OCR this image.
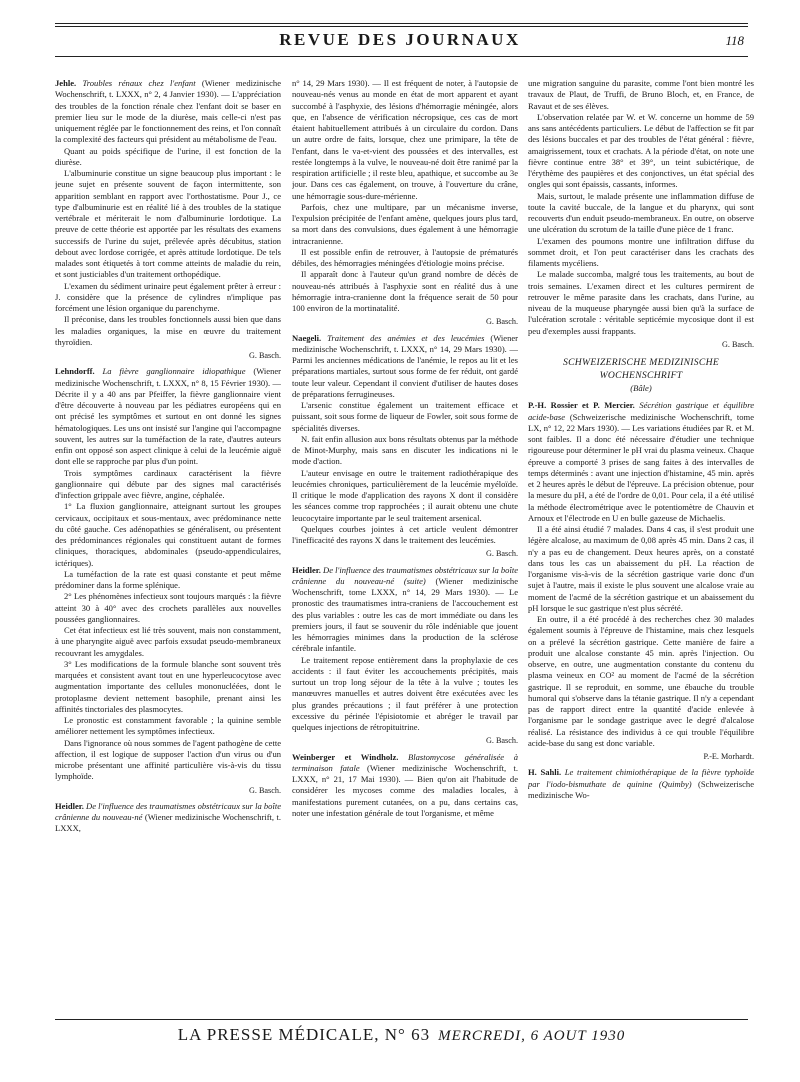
REVUE DES JOURNAUX	118

Jehle. Troubles rénaux chez l'enfant (Wiener medizinische Wochenschrift, t. LXXX, n° 2, 4 Janvier 1930). — L'appréciation des troubles de la fonction rénale chez l'enfant doit se baser en premier lieu sur le mode de la diurèse, mais celle-ci n'est pas uniquement réglée par le fonctionnement des reins, et l'on connaît la complexité des facteurs qui président au métabolisme de l'eau.

Quant au poids spécifique de l'urine, il est fonction de la diurèse.

L'albuminurie constitue un signe beaucoup plus important : le jeune sujet en présente souvent de façon intermittente, son apparition semblant en rapport avec l'orthostatisme. Pour J., ce type d'albuminurie est en réalité lié à des troubles de la statique vertébrale et mériterait le nom d'albuminurie lordotique. La preuve de cette théorie est apportée par les résultats des examens successifs de l'urine du sujet, prélevée après décubitus, station debout avec lordose corrigée, et après attitude lordotique. De tels malades sont étiquetés à tort comme atteints de maladie du rein, et sont justiciables d'un traitement orthopédique.

L'examen du sédiment urinaire peut également prêter à erreur : J. considère que la présence de cylindres n'implique pas forcément une lésion organique du parenchyme.

Il préconise, dans les troubles fonctionnels aussi bien que dans les maladies organiques, la mise en œuvre du traitement thyroïdien.

G. Basch.

Lehndorff. La fièvre ganglionnaire idiopathique (Wiener medizinische Wochenschrift, t. LXXX, n° 8, 15 Février 1930). — Décrite il y a 40 ans par Pfeiffer, la fièvre ganglionnaire vient d'être découverte à nouveau par les pédiatres européens qui en ont précisé les symptômes et surtout en ont donné les signes hématologiques. Les uns ont insisté sur l'angine qui l'accompagne souvent, les autres sur la tuméfaction de la rate, d'autres auteurs enfin ont opposé son aspect clinique à celui de la leucémie aiguë dont elle se rapproche par plus d'un point.

Trois symptômes cardinaux caractérisent la fièvre ganglionnaire qui débute par des signes mal caractérisés d'infection grippale avec fièvre, angine, céphalée.

1° La fluxion ganglionnaire, atteignant surtout les groupes cervicaux, occipitaux et sous-mentaux, avec prédominance nette du côté gauche. Ces adénopathies se généralisent, ou présentent des prédominances régionales qui constituent autant de formes cliniques, thoraciques, abdominales (pseudo-appendiculaires, ictériques).

La tuméfaction de la rate est quasi constante et peut même prédominer dans la forme splénique.

2° Les phénomènes infectieux sont toujours marqués : la fièvre atteint 30 à 40° avec des crochets parallèles aux nouvelles poussées ganglionnaires.

Cet état infectieux est lié très souvent, mais non constamment, à une pharyngite aiguë avec parfois exsudat pseudo-membraneux recouvrant les amygdales.

3° Les modifications de la formule blanche sont souvent très marquées et consistent avant tout en une hyperleucocytose avec augmentation importante des cellules mononucléées, dont le protoplasme devient nettement basophile, prenant ainsi les affinités tinctoriales des plasmocytes.

Le pronostic est constamment favorable ; la quinine semble améliorer nettement les symptômes infectieux.

Dans l'ignorance où nous sommes de l'agent pathogène de cette affection, il est logique de supposer l'action d'un virus ou d'un microbe présentant une affinité particulière vis-à-vis du tissu lymphoïde.

G. Basch.

Heidler. De l'influence des traumatismes obstétricaux sur la boîte crânienne du nouveau-né (Wiener medizinische Wochenschrift, t. LXXX,

n° 14, 29 Mars 1930). — Il est fréquent de noter, à l'autopsie de nouveau-nés venus au monde en état de mort apparent et ayant succombé à l'asphyxie, des lésions d'hémorragie méningée, alors que, en l'absence de vérification nécropsique, ces cas de mort étaient habituellement attribués à un circulaire du cordon. Dans un autre ordre de faits, lorsque, chez une primipare, la tête de l'enfant, dans le va-et-vient des poussées et des intervalles, est restée longtemps à la vulve, le nouveau-né doit être ranimé par la respiration artificielle ; il reste bleu, apathique, et succombe au 3e jour. Dans ces cas également, on trouve, à l'ouverture du crâne, une hémorragie sous-dure-mérienne.

Parfois, chez une multipare, par un mécanisme inverse, l'expulsion précipitée de l'enfant amène, quelques jours plus tard, sa mort dans des convulsions, dues également à une hémorragie intracranienne.

Il est possible enfin de retrouver, à l'autopsie de prématurés débiles, des hémorragies méningées d'étiologie moins précise.

Il apparaît donc à l'auteur qu'un grand nombre de décès de nouveau-nés attribués à l'asphyxie sont en réalité dus à une hémorragie intra-cranienne dont la fréquence serait de 50 pour 100 environ de la mortinatalité.

G. Basch.

Naegeli. Traitement des anémies et des leucémies (Wiener medizinische Wochenschrift, t. LXXX, n° 14, 29 Mars 1930). — Parmi les anciennes médications de l'anémie, le repos au lit et les préparations martiales, surtout sous forme de fer réduit, ont gardé toute leur valeur. Cependant il convient d'utiliser de hautes doses de préparations ferrugineuses.

L'arsenic constitue également un traitement efficace et puissant, soit sous forme de liqueur de Fowler, soit sous forme de spécialités diverses.

N. fait enfin allusion aux bons résultats obtenus par la méthode de Minot-Murphy, mais sans en discuter les indications ni le mode d'action.

L'auteur envisage en outre le traitement radiothérapique des leucémies chroniques, particulièrement de la leucémie myéloïde. Il critique le mode d'application des rayons X dont il considère les séances comme trop rapprochées ; il aurait obtenu une chute leucocytaire importante par le seul traitement arsenical.

Quelques courbes jointes à cet article veulent démontrer l'inefficacité des rayons X dans le traitement des leucémies.

G. Basch.

Heidler. De l'influence des traumatismes obstétricaux sur la boîte crânienne du nouveau-né (suite) (Wiener medizinische Wochenschrift, tome LXXX, n° 14, 29 Mars 1930). — Le pronostic des traumatismes intra-craniens de l'accouchement est des plus variables : outre les cas de mort immédiate ou dans les premiers jours, il faut se souvenir du rôle indéniable que jouent les hémorragies minimes dans la production de la sclérose cérébrale infantile.

Le traitement repose entièrement dans la prophylaxie de ces accidents : il faut éviter les accouchements précipités, mais surtout un trop long séjour de la tête à la vulve ; toutes les manœuvres manuelles et autres doivent être exécutées avec les plus grandes précautions ; il faut préférer à une protection excessive du périnée l'épisiotomie et abréger le travail par quelques injections de rétropituitrine.

G. Basch.

Weinberger et Windholz. Blastomycose généralisée à terminaison fatale (Wiener medizinische Wochenschrift, t. LXXX, n° 21, 17 Mai 1930). — Bien qu'on ait l'habitude de considérer les mycoses comme des maladies locales, à manifestations purement cutanées, on a pu, dans certains cas, noter une infestation générale de tout l'organisme, et même

une migration sanguine du parasite, comme l'ont bien montré les travaux de Plaut, de Truffi, de Bruno Bloch, et, en France, de Ravaut et de ses élèves.

L'observation relatée par W. et W. concerne un homme de 59 ans sans antécédents particuliers. Le début de l'affection se fit par des lésions buccales et par des troubles de l'état général : fièvre, amaigrissement, toux et crachats. A la période d'état, on note une fièvre continue entre 38° et 39°, un teint subictérique, de l'érythème des paupières et des conjonctives, un état spécial des ongles qui sont épaissis, cassants, informes.

Mais, surtout, le malade présente une inflammation diffuse de toute la cavité buccale, de la langue et du pharynx, qui sont recouverts d'un enduit pseudo-membraneux. En outre, on observe une ulcération du scrotum de la taille d'une pièce de 1 franc.

L'examen des poumons montre une infiltration diffuse du sommet droit, et l'on peut caractériser dans les crachats des filaments mycéliens.

Le malade succomba, malgré tous les traitements, au bout de trois semaines. L'examen direct et les cultures permirent de retrouver le même parasite dans les crachats, dans l'urine, au niveau de la muqueuse pharyngée aussi bien qu'à la surface de l'ulcération scrotale : véritable septicémie mycosique dont il est peu d'exemples aussi frappants.

G. Basch.
SCHWEIZERISCHE MEDIZINISCHE WOCHENSCHRIFT
(Bâle)

P.-H. Rossier et P. Mercier. Sécrétion gastrique et équilibre acide-base (Schweizerische medizinische Wochenschrift, tome LX, n° 12, 22 Mars 1930). — Les variations étudiées par R. et M. sont faibles. Il a donc été nécessaire d'étudier une technique rigoureuse pour déterminer le pH vrai du plasma veineux. Chaque épreuve a comporté 3 prises de sang faites à des intervalles de temps déterminés : avant une injection d'histamine, 45 min. après et 2 heures après le début de l'épreuve. La précision obtenue, pour la mesure du pH, a été de l'ordre de 0,01. Pour cela, il a été utilisé la méthode électrométrique avec le potentiomètre de Chauvin et Arnoux et l'électrode en U en bulle gazeuse de Michaelis.

Il a été ainsi étudié 7 malades. Dans 4 cas, il s'est produit une légère alcalose, au maximum de 0,08 après 45 min. Dans 2 cas, il n'y a pas eu de changement. Deux heures après, on a constaté dans tous les cas un abaissement du pH. La réaction de l'organisme vis-à-vis de la sécrétion gastrique varie donc d'un sujet à l'autre, mais il existe le plus souvent une alcalose vraie au moment de l'acmé de la sécrétion gastrique et un abaissement du pH lorsque le suc gastrique n'est plus sécrété.

En outre, il a été procédé à des recherches chez 30 malades également soumis à l'épreuve de l'histamine, mais chez lesquels on a prélevé la sécrétion gastrique. Cette manière de faire a produit une alcalose constante 45 min. après l'injection. Ou observe, en outre, une augmentation constante du contenu du plasma veineux en CO² au moment de l'acmé de la sécrétion gastrique. Il se reproduit, en somme, une ébauche du trouble humoral qui s'observe dans la tétanie gastrique. Il n'y a cependant pas de rapport direct entre la quantité d'acide enlevée à l'organisme par le sondage gastrique avec le degré d'alcalose réalisé. La résistance des individus à ce qui trouble l'équilibre acide-base du sang est donc variable.

P.-E. Morhardt.

H. Sahli. Le traitement chimiothérapique de la fièvre typhoïde par l'iodo-bismuthate de quinine (Quimby) (Schweizerische medizinische Wo-

LA PRESSE MÉDICALE, N° 63 MERCREDI, 6 AOUT 1930
